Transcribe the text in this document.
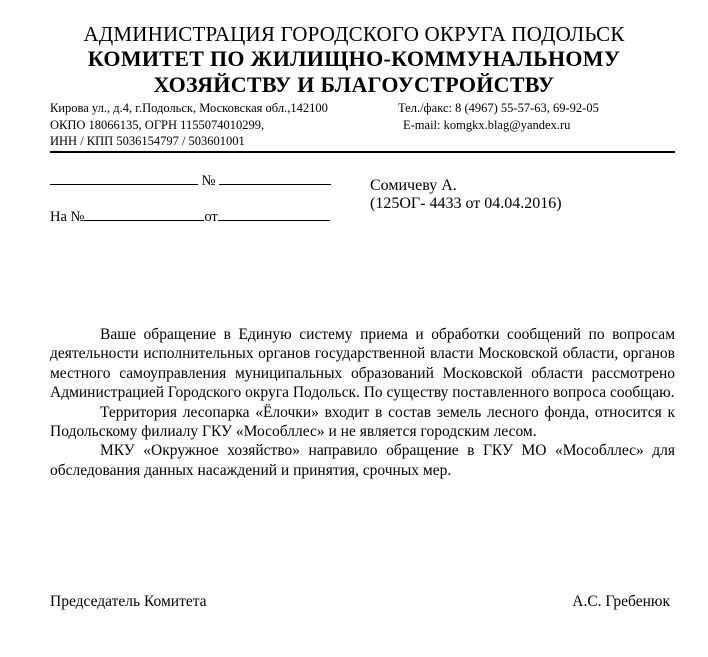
АДМИНИСТРАЦИЯ ГОРОДСКОГО ОКРУГА ПОДОЛЬСК
КОМИТЕТ ПО ЖИЛИЩНО-КОММУНАЛЬНОМУ
ХОЗЯЙСТВУ И БЛАГОУСТРОЙСТВУ
Кирова ул., д.4, г.Подольск, Московская обл.,142100	Тел./факс: 8 (4967) 55-57-63, 69-92-05
ОКПО 18066135, ОГРН 1155074010299,	E-mail: komgkx.blag@yandex.ru
ИНН / КПП 5036154797 / 503601001
№
На №	от
Сомичеву А.
(125ОГ- 4433 от 04.04.2016)

Ваше обращение в Единую систему приема и обработки сообщений по вопросам деятельности исполнительных органов государственной власти Московской области, органов местного самоуправления муниципальных образований Московской области рассмотрено Администрацией Городского округа Подольск. По существу поставленного вопроса сообщаю.

Территория лесопарка «Ёлочки» входит в состав земель лесного фонда, относится к Подольскому филиалу ГКУ «Мособллес» и не является городским лесом.

МКУ «Окружное хозяйство» направило обращение в ГКУ МО «Мособллес» для обследования данных насаждений и принятия, срочных мер.

Председатель Комитета	А.С. Гребенюк
